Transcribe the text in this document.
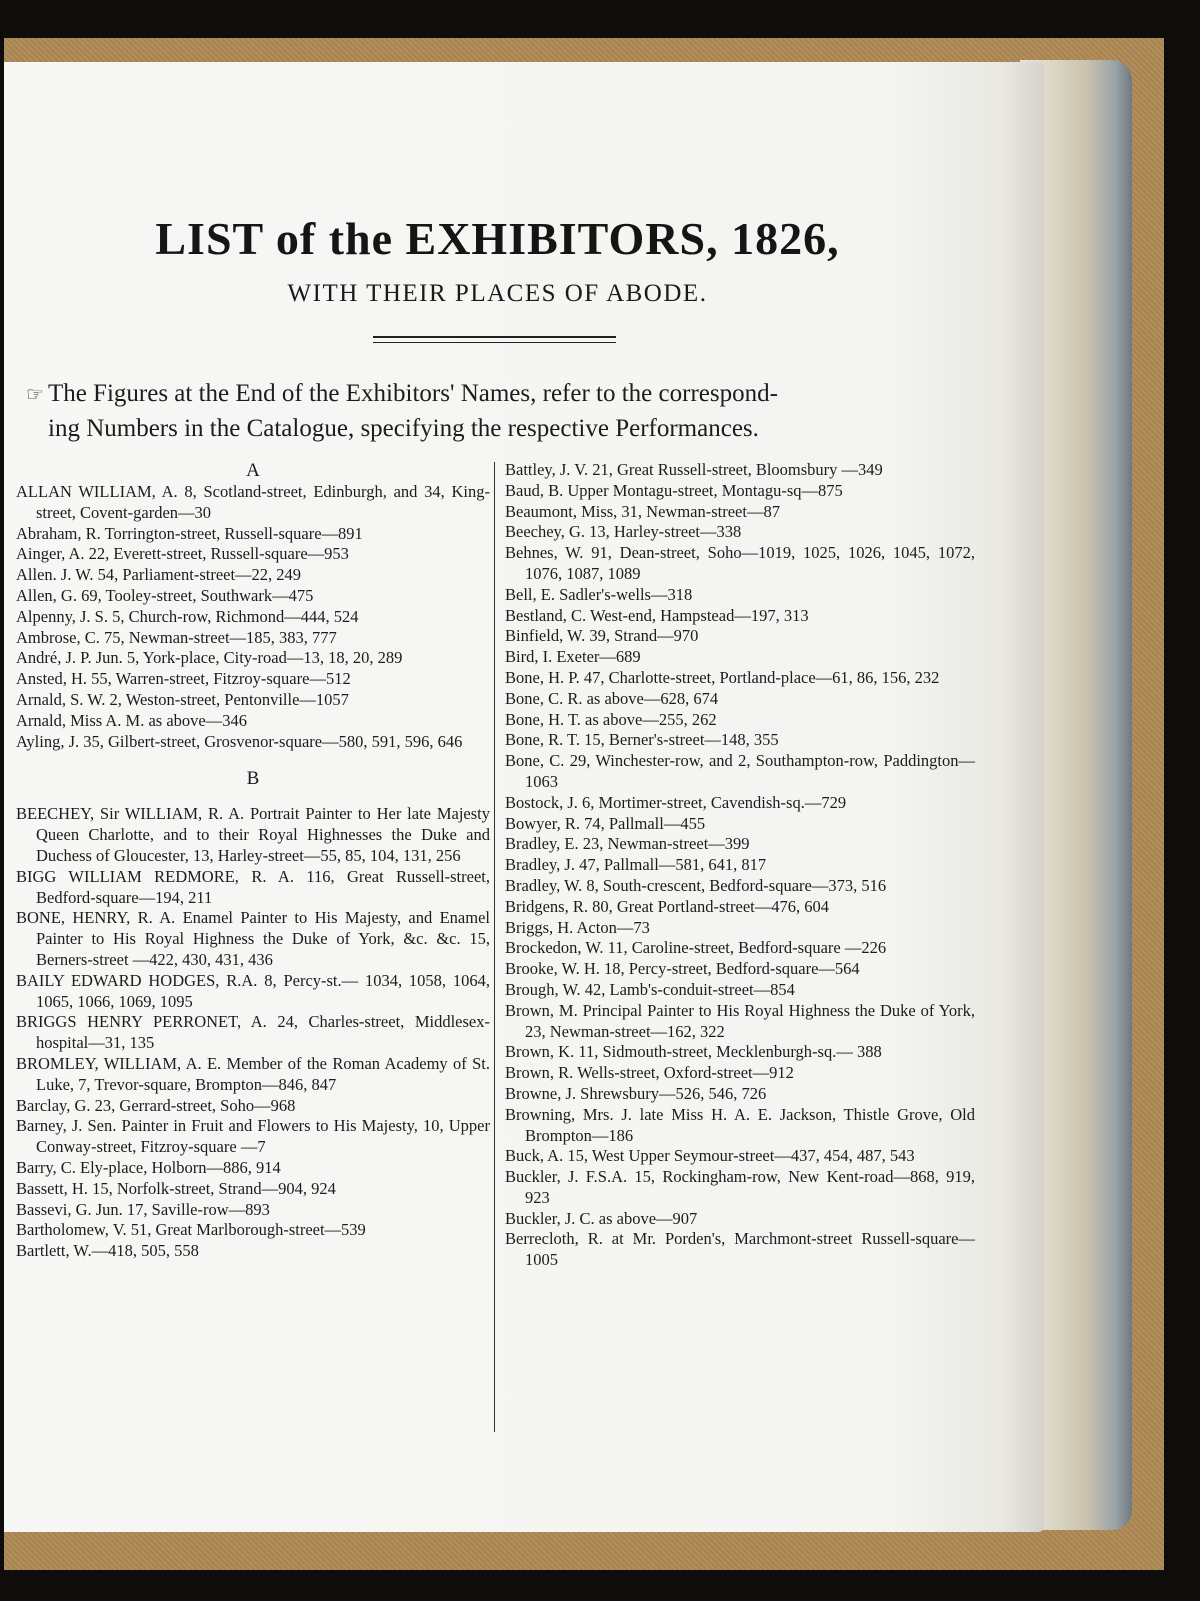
LIST of the EXHIBITORS, 1826,
WITH THEIR PLACES OF ABODE.
☞ The Figures at the End of the Exhibitors' Names, refer to the correspond-
ing Numbers in the Catalogue, specifying the respective Performances.

A

ALLAN WILLIAM, A. 8, Scotland-street, Edinburgh, and 34, King-street, Covent-garden—30

Abraham, R. Torrington-street, Russell-square—891

Ainger, A. 22, Everett-street, Russell-square—953

Allen. J. W. 54, Parliament-street—22, 249

Allen, G. 69, Tooley-street, Southwark—475

Alpenny, J. S. 5, Church-row, Richmond—444, 524

Ambrose, C. 75, Newman-street—185, 383, 777

André, J. P. Jun. 5, York-place, City-road—13, 18, 20, 289

Ansted, H. 55, Warren-street, Fitzroy-square—512

Arnald, S. W. 2, Weston-street, Pentonville—1057

Arnald, Miss A. M. as above—346

Ayling, J. 35, Gilbert-street, Grosvenor-square—580, 591, 596, 646

B

BEECHEY, Sir WILLIAM, R. A. Portrait Painter to Her late Majesty Queen Charlotte, and to their Royal Highnesses the Duke and Duchess of Gloucester, 13, Harley-street—55, 85, 104, 131, 256

BIGG WILLIAM REDMORE, R. A. 116, Great Russell-street, Bedford-square—194, 211

BONE, HENRY, R. A. Enamel Painter to His Majesty, and Enamel Painter to His Royal Highness the Duke of York, &c. &c. 15, Berners-street —422, 430, 431, 436

BAILY EDWARD HODGES, R.A. 8, Percy-st.— 1034, 1058, 1064, 1065, 1066, 1069, 1095

BRIGGS HENRY PERRONET, A. 24, Charles-street, Middlesex-hospital—31, 135

BROMLEY, WILLIAM, A. E. Member of the Roman Academy of St. Luke, 7, Trevor-square, Brompton—846, 847

Barclay, G. 23, Gerrard-street, Soho—968

Barney, J. Sen. Painter in Fruit and Flowers to His Majesty, 10, Upper Conway-street, Fitzroy-square —7

Barry, C. Ely-place, Holborn—886, 914

Bassett, H. 15, Norfolk-street, Strand—904, 924

Bassevi, G. Jun. 17, Saville-row—893

Bartholomew, V. 51, Great Marlborough-street—539

Bartlett, W.—418, 505, 558

Battley, J. V. 21, Great Russell-street, Bloomsbury —349

Baud, B. Upper Montagu-street, Montagu-sq—875

Beaumont, Miss, 31, Newman-street—87

Beechey, G. 13, Harley-street—338

Behnes, W. 91, Dean-street, Soho—1019, 1025, 1026, 1045, 1072, 1076, 1087, 1089

Bell, E. Sadler's-wells—318

Bestland, C. West-end, Hampstead—197, 313

Binfield, W. 39, Strand—970

Bird, I. Exeter—689

Bone, H. P. 47, Charlotte-street, Portland-place—61, 86, 156, 232

Bone, C. R. as above—628, 674

Bone, H. T. as above—255, 262

Bone, R. T. 15, Berner's-street—148, 355

Bone, C. 29, Winchester-row, and 2, Southampton-row, Paddington—1063

Bostock, J. 6, Mortimer-street, Cavendish-sq.—729

Bowyer, R. 74, Pallmall—455

Bradley, E. 23, Newman-street—399

Bradley, J. 47, Pallmall—581, 641, 817

Bradley, W. 8, South-crescent, Bedford-square—373, 516

Bridgens, R. 80, Great Portland-street—476, 604

Briggs, H. Acton—73

Brockedon, W. 11, Caroline-street, Bedford-square —226

Brooke, W. H. 18, Percy-street, Bedford-square—564

Brough, W. 42, Lamb's-conduit-street—854

Brown, M. Principal Painter to His Royal Highness the Duke of York, 23, Newman-street—162, 322

Brown, K. 11, Sidmouth-street, Mecklenburgh-sq.— 388

Brown, R. Wells-street, Oxford-street—912

Browne, J. Shrewsbury—526, 546, 726

Browning, Mrs. J. late Miss H. A. E. Jackson, Thistle Grove, Old Brompton—186

Buck, A. 15, West Upper Seymour-street—437, 454, 487, 543

Buckler, J. F.S.A. 15, Rockingham-row, New Kent-road—868, 919, 923

Buckler, J. C. as above—907

Berrecloth, R. at Mr. Porden's, Marchmont-street Russell-square—1005
